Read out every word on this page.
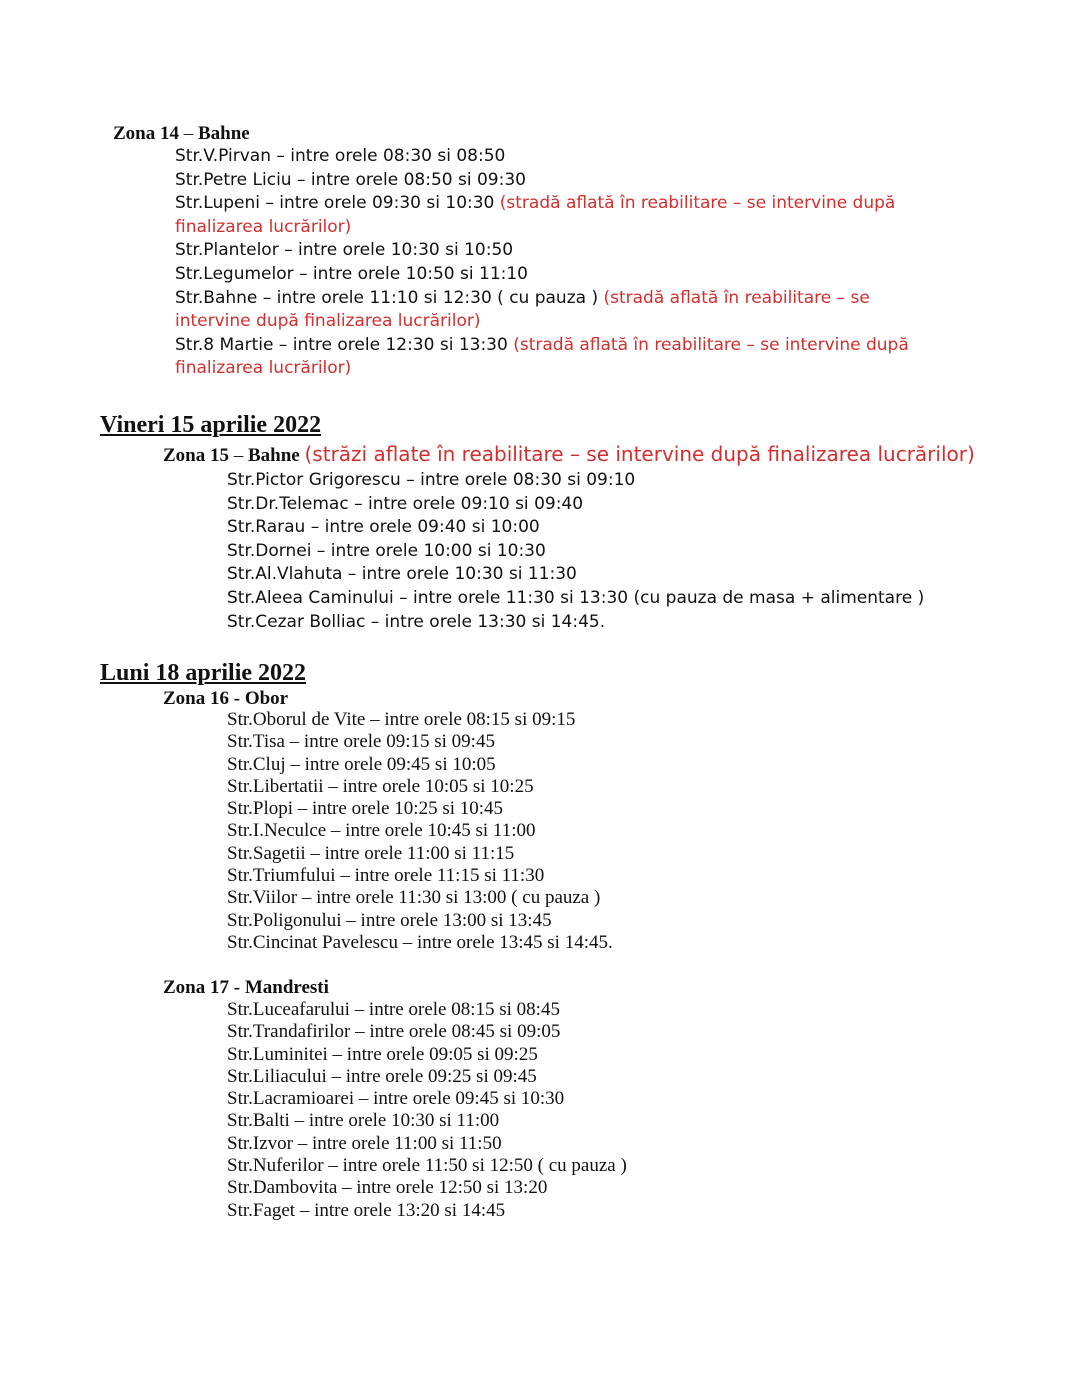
Zona 14 – Bahne
Str.V.Pirvan – intre orele 08:30 si 08:50
Str.Petre Liciu – intre orele 08:50 si 09:30
Str.Lupeni – intre orele 09:30 si 10:30 (stradă aflată în reabilitare – se intervine după finalizarea lucrărilor)
Str.Plantelor – intre orele 10:30 si 10:50
Str.Legumelor – intre orele 10:50 si 11:10
Str.Bahne – intre orele 11:10 si 12:30 ( cu pauza ) (stradă aflată în reabilitare – se intervine după finalizarea lucrărilor)
Str.8 Martie – intre orele 12:30 si 13:30 (stradă aflată în reabilitare – se intervine după finalizarea lucrărilor)
Vineri 15 aprilie 2022
Zona 15 – Bahne (străzi aflate în reabilitare – se intervine după finalizarea lucrărilor)
Str.Pictor Grigorescu – intre orele 08:30 si 09:10
Str.Dr.Telemac – intre orele 09:10 si 09:40
Str.Rarau – intre orele 09:40 si 10:00
Str.Dornei – intre orele 10:00 si 10:30
Str.Al.Vlahuta – intre orele 10:30 si 11:30
Str.Aleea Caminului – intre orele 11:30 si 13:30 (cu pauza de masa + alimentare )
Str.Cezar Bolliac – intre orele 13:30 si 14:45.
Luni 18 aprilie 2022
Zona 16 - Obor
Str.Oborul de Vite – intre orele 08:15 si 09:15
Str.Tisa – intre orele 09:15 si 09:45
Str.Cluj – intre orele 09:45 si 10:05
Str.Libertatii – intre orele 10:05 si 10:25
Str.Plopi – intre orele 10:25 si 10:45
Str.I.Neculce – intre orele 10:45 si 11:00
Str.Sagetii – intre orele 11:00 si 11:15
Str.Triumfului – intre orele 11:15 si 11:30
Str.Viilor – intre orele 11:30 si 13:00 ( cu pauza )
Str.Poligonului – intre orele 13:00 si 13:45
Str.Cincinat Pavelescu – intre orele 13:45 si 14:45.
Zona 17 - Mandresti
Str.Luceafarului – intre orele 08:15 si 08:45
Str.Trandafirilor – intre orele 08:45 si 09:05
Str.Luminitei – intre orele 09:05 si 09:25
Str.Liliacului – intre orele 09:25 si 09:45
Str.Lacramioarei – intre orele 09:45 si 10:30
Str.Balti – intre orele 10:30 si 11:00
Str.Izvor – intre orele 11:00 si 11:50
Str.Nuferilor – intre orele 11:50 si 12:50 ( cu pauza )
Str.Dambovita – intre orele 12:50 si 13:20
Str.Faget – intre orele 13:20 si 14:45
